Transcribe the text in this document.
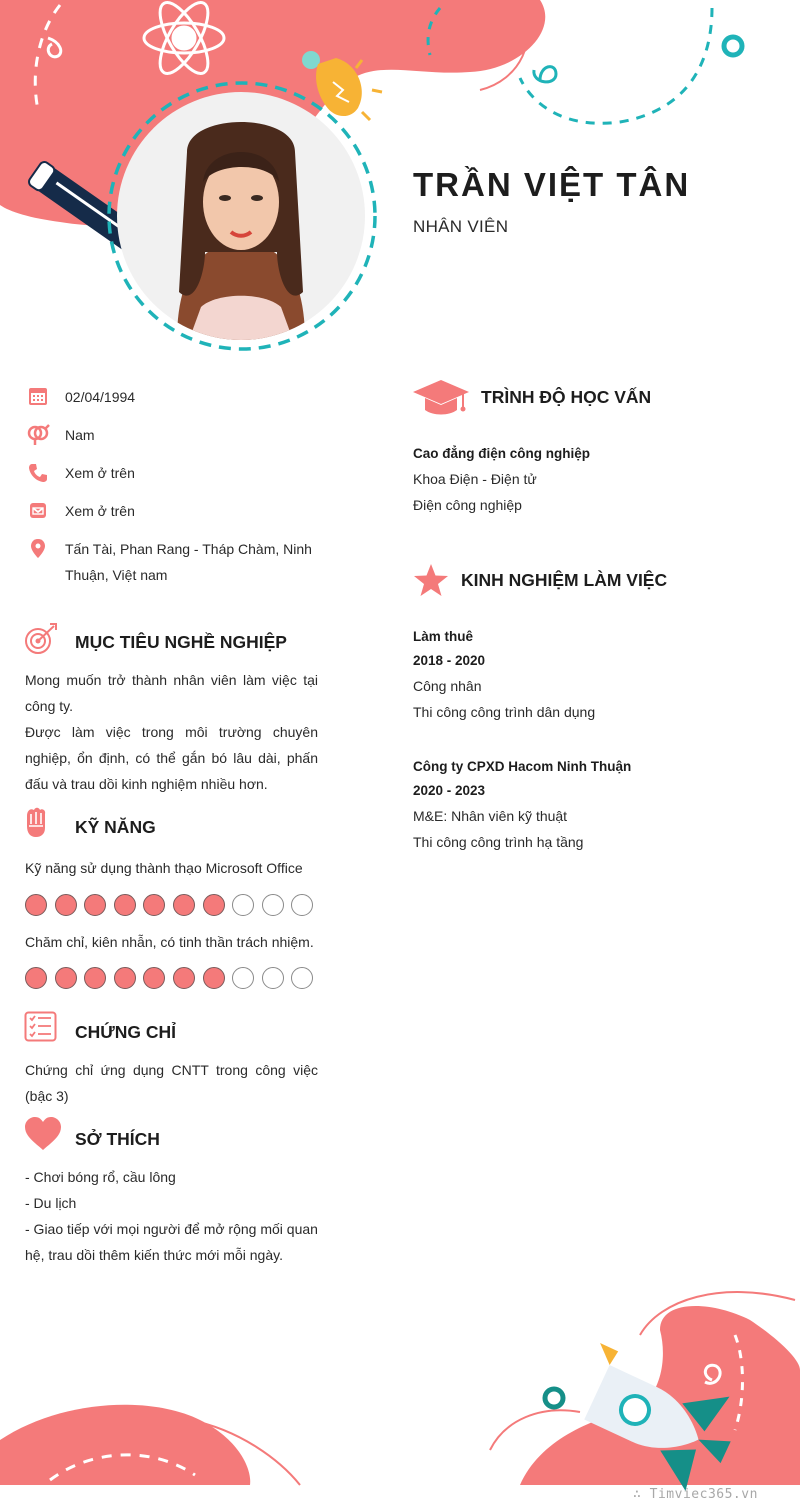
TRẦN VIỆT TÂN
NHÂN VIÊN
02/04/1994
Nam
Xem ở trên
Xem ở trên
Tấn Tài, Phan Rang - Tháp Chàm, Ninh Thuận, Việt nam
MỤC TIÊU NGHỀ NGHIỆP
Mong muốn trở thành nhân viên làm việc tại công ty.
Được làm việc trong môi trường chuyên nghiệp, ổn định, có thể gắn bó lâu dài, phấn đấu và trau dồi kinh nghiệm nhiều hơn.
KỸ NĂNG
Kỹ năng sử dụng thành thạo Microsoft Office
Chăm chỉ, kiên nhẫn, có tinh thần trách nhiệm.
CHỨNG CHỈ
Chứng chỉ ứng dụng CNTT trong công việc (bậc 3)
SỞ THÍCH
- Chơi bóng rổ, cầu lông
- Du lịch
- Giao tiếp với mọi người để mở rộng mối quan hệ, trau dồi thêm kiến thức mới mỗi ngày.
TRÌNH ĐỘ HỌC VẤN
Cao đẳng điện công nghiệp
Khoa Điện - Điện tử
Điện công nghiệp
KINH NGHIỆM LÀM VIỆC
Làm thuê
2018 - 2020
Công nhân
Thi công công trình dân dụng
Công ty CPXD Hacom Ninh Thuận
2020 - 2023
M&E: Nhân viên kỹ thuật
Thi công công trình hạ tầng
∴ Timviec365.vn
